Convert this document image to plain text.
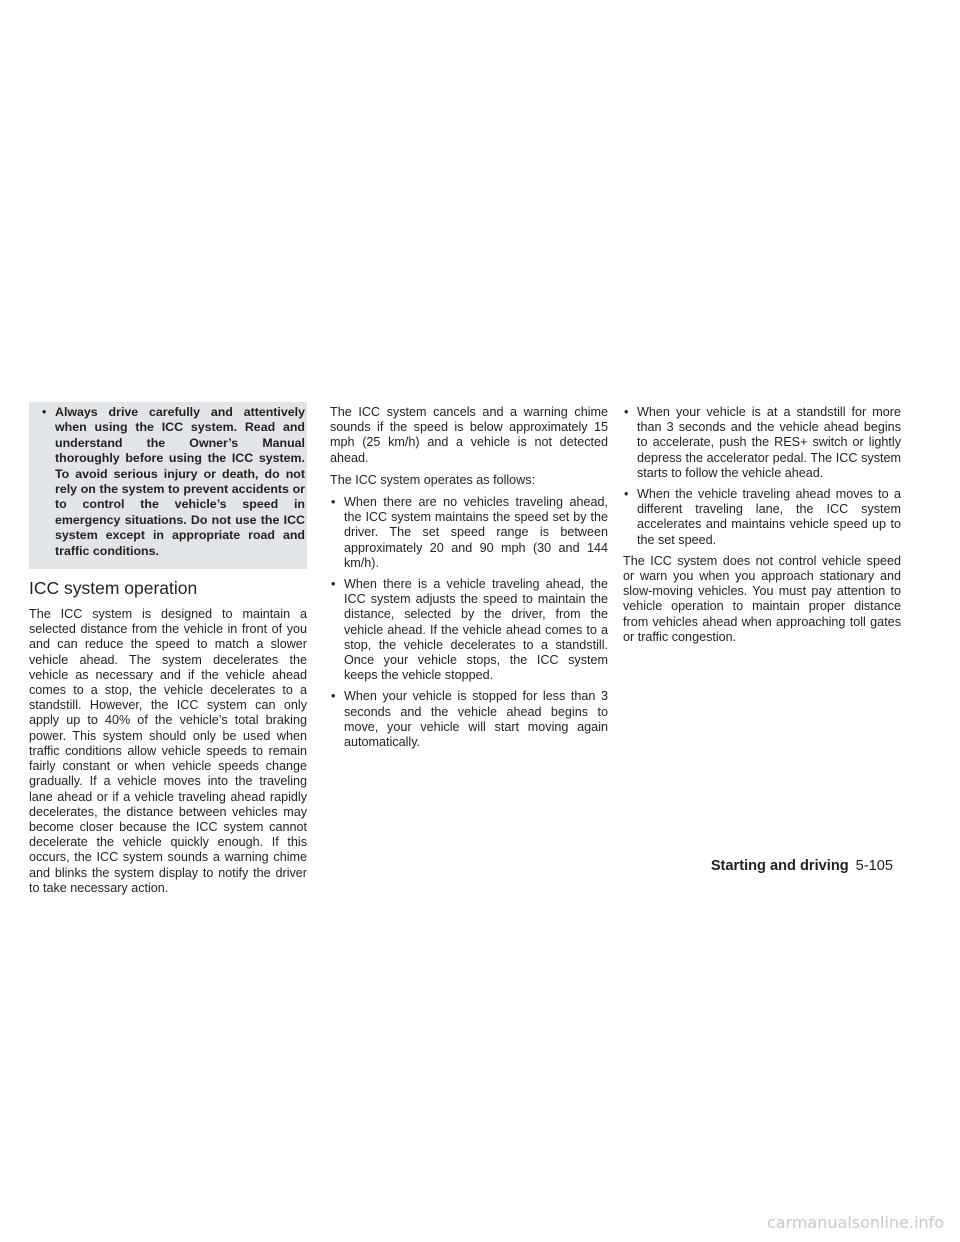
• Always drive carefully and attentively when using the ICC system. Read and understand the Owner’s Manual thoroughly before using the ICC system. To avoid serious injury or death, do not rely on the system to prevent accidents or to control the vehicle’s speed in emergency situations. Do not use the ICC system except in appropriate road and traffic conditions.
ICC system operation

The ICC system is designed to maintain a selected distance from the vehicle in front of you and can reduce the speed to match a slower vehicle ahead. The system decelerates the vehicle as necessary and if the vehicle ahead comes to a stop, the vehicle decelerates to a standstill. However, the ICC system can only apply up to 40% of the vehicle’s total braking power. This system should only be used when traffic conditions allow vehicle speeds to remain fairly constant or when vehicle speeds change gradually. If a vehicle moves into the traveling lane ahead or if a vehicle traveling ahead rapidly decelerates, the distance between vehicles may become closer because the ICC system cannot decelerate the vehicle quickly enough. If this occurs, the ICC system sounds a warning chime and blinks the system display to notify the driver to take necessary action.

The ICC system cancels and a warning chime sounds if the speed is below approximately 15 mph (25 km/h) and a vehicle is not detected ahead.

The ICC system operates as follows:

• When there are no vehicles traveling ahead, the ICC system maintains the speed set by the driver. The set speed range is between approximately 20 and 90 mph (30 and 144 km/h).
• When there is a vehicle traveling ahead, the ICC system adjusts the speed to maintain the distance, selected by the driver, from the vehicle ahead. If the vehicle ahead comes to a stop, the vehicle decelerates to a standstill. Once your vehicle stops, the ICC system keeps the vehicle stopped.
• When your vehicle is stopped for less than 3 seconds and the vehicle ahead begins to move, your vehicle will start moving again automatically.
• When your vehicle is at a standstill for more than 3 seconds and the vehicle ahead begins to accelerate, push the RES+ switch or lightly depress the accelerator pedal. The ICC system starts to follow the vehicle ahead.
• When the vehicle traveling ahead moves to a different traveling lane, the ICC system accelerates and maintains vehicle speed up to the set speed.

The ICC system does not control vehicle speed or warn you when you approach stationary and slow-moving vehicles. You must pay attention to vehicle operation to maintain proper distance from vehicles ahead when approaching toll gates or traffic congestion.

Starting and driving 5-105
carmanualsonline.info
